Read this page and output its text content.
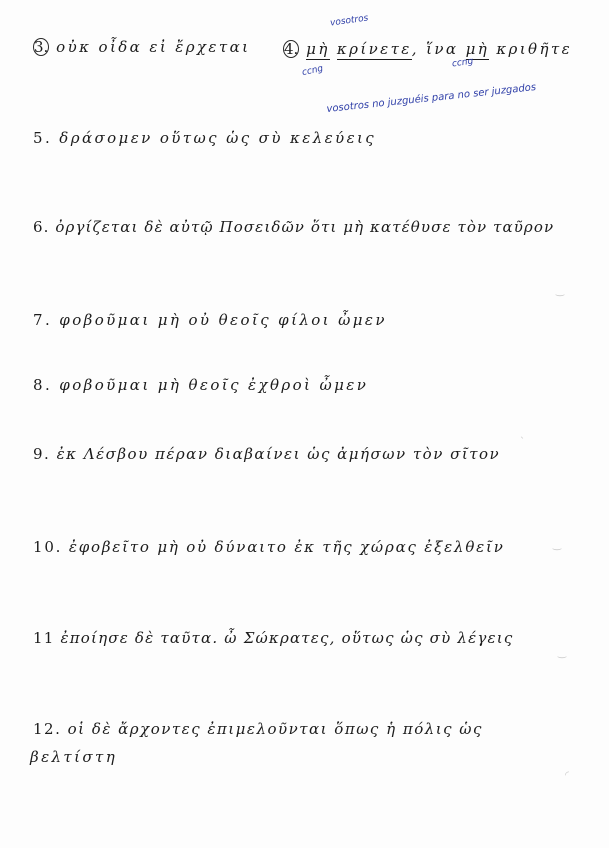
3. οὐκ οἶδα εἰ ἔρχεται 4. μὴ κρίνετε, ἵνα μὴ κριθῆτε
vosotros
ccng
ccng
vosotros no juzguéis para no ser juzgados
5. δράσομεν οὕτως ὡς σὺ κελεύεις
6. ὀργίζεται δὲ αὐτῷ Ποσειδῶν ὅτι μὴ κατέθυσε τὸν ταῦρον
7. φοβοῦμαι μὴ οὐ θεοῖς φίλοι ὦμεν
8. φοβοῦμαι μὴ θεοῖς ἐχθροὶ ὦμεν
9. ἐκ Λέσβου πέραν διαβαίνει ὡς ἀμήσων τὸν σῖτον
10. ἐφοβεῖτο μὴ οὐ δύναιτο ἐκ τῆς χώρας ἐξελθεῖν
11 ἐποίησε δὲ ταῦτα. ὦ Σώκρατες, οὕτως ὡς σὺ λέγεις
12. οἱ δὲ ἄρχοντες ἐπιμελοῦνται ὅπως ἡ πόλις ὡς
βελτίστη
‿
ˎ
‿
‿
◜
